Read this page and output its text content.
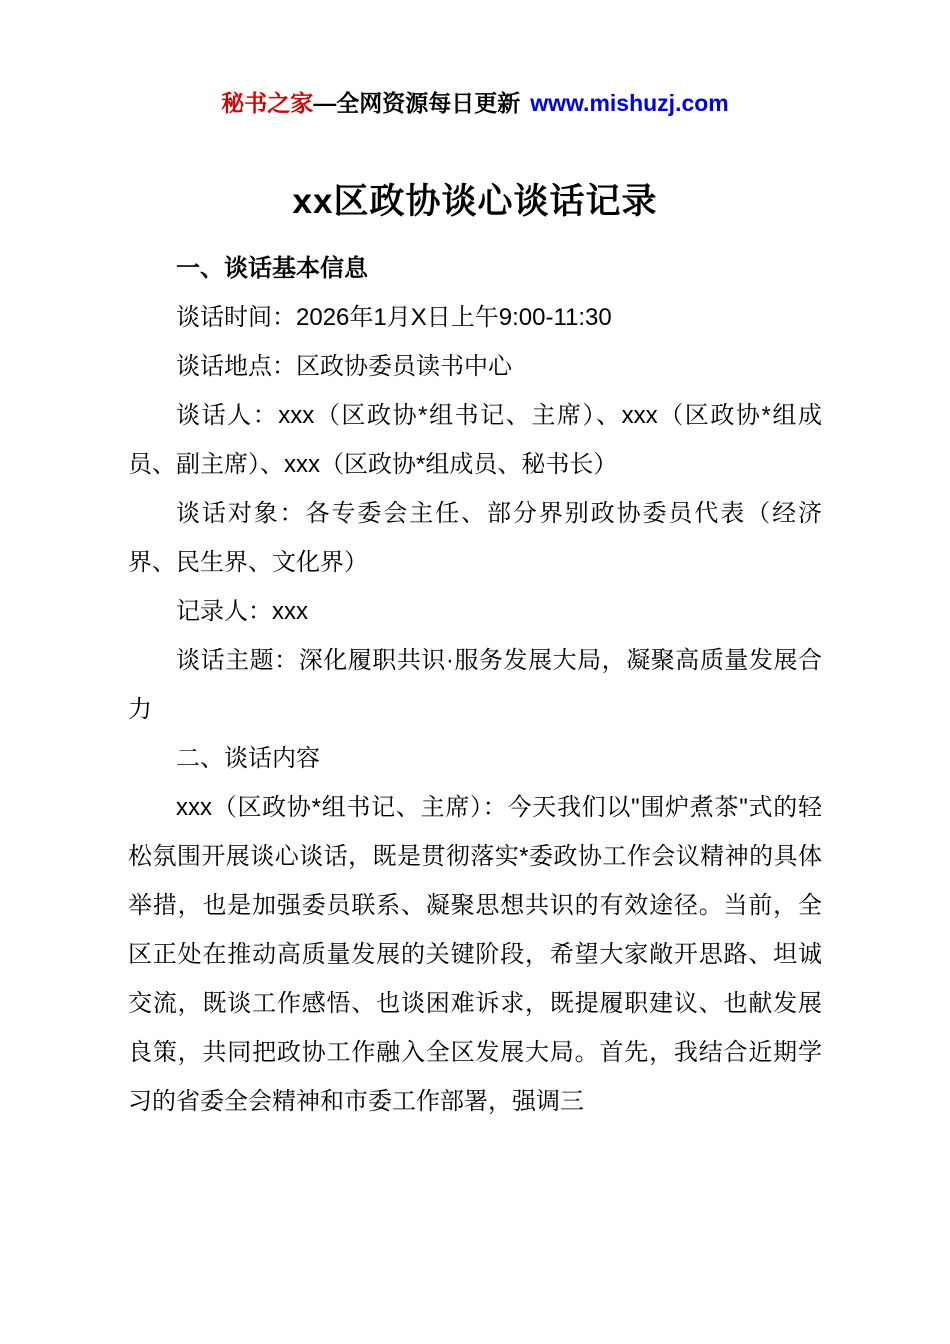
秘书之家—全网资源每日更新 www.mishuzj.com
xx区政协谈心谈话记录

一、谈话基本信息

谈话时间：2026年1月X日上午9:00-11:30

谈话地点：区政协委员读书中心

谈话人：xxx（区政协*组书记、主席）、xxx（区政协*组成员、副主席）、xxx（区政协*组成员、秘书长）

谈话对象：各专委会主任、部分界别政协委员代表（经济界、民生界、文化界）

记录人：xxx

谈话主题：深化履职共识·服务发展大局，凝聚高质量发展合力

二、谈话内容

xxx（区政协*组书记、主席）：今天我们以"围炉煮茶"式的轻松氛围开展谈心谈话，既是贯彻落实*委政协工作会议精神的具体举措，也是加强委员联系、凝聚思想共识的有效途径。当前，全区正处在推动高质量发展的关键阶段，希望大家敞开思路、坦诚交流，既谈工作感悟、也谈困难诉求，既提履职建议、也献发展良策，共同把政协工作融入全区发展大局。首先，我结合近期学习的省委全会精神和市委工作部署，强调三
